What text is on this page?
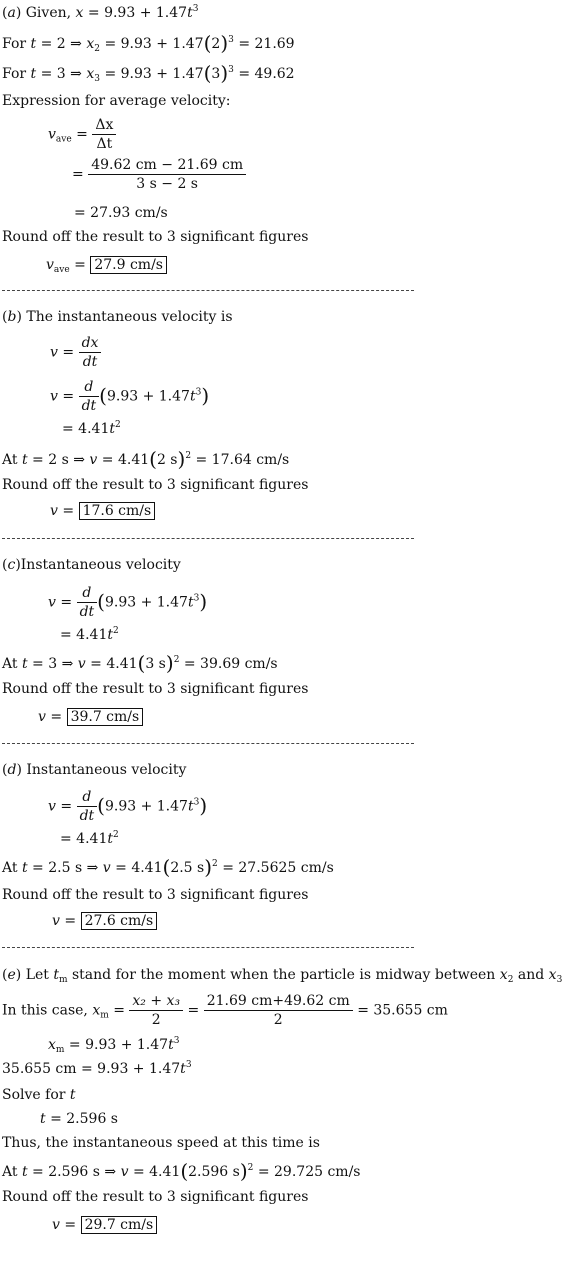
(a) Given, $x = 9.93 + 1.47t^3$
For t = 2 ⇒ $x_2 = 9.93 + 1.47(2)^3 = 21.69$
For t = 3 ⇒ $x_3 = 9.93 + 1.47(3)^3 = 49.62$
Expression for average velocity:
$v_{ave} = \frac{\Delta x}{\Delta t}$
= $\frac{49.62 cm - 21.69 cm}{3 s - 2 s}$
= 27.93 cm/s
Round off the result to 3 significant figures
$v_{ave} = 27.9$ cm/s
(b) The instantaneous velocity is
$v = \frac{dx}{dt}$
$v = \frac{d}{dt} (9.93 + 1.47t^3)$
= $4.41t^2$
At t = 2 s ⇒ v = 4.41(2 s)$^2$ = 17.64 cm/s
Round off the result to 3 significant figures
v = 17.6 cm/s
(c)Instantaneous velocity
$v = \frac{d}{dt} (9.93 + 1.47t^3)$
= $4.41t^2$
At t = 3 ⇒ v = 4.41(3 s)$^2$ = 39.69 cm/s
Round off the result to 3 significant figures
v = 39.7 cm/s
(d) Instantaneous velocity
$v = \frac{d}{dt} (9.93 + 1.47t^3)$
= $4.41t^2$
At t = 2.5 s ⇒ v = 4.41(2.5 s)$^2$ = 27.5625 cm/s
Round off the result to 3 significant figures
v = 27.6 cm/s
(e) Let $t_m$ stand for the moment when the particle is midway between $x_2$ and $x_3$
In this case, $x_m = \frac{\text{x₂ + x₃}}{2} = \frac{21.69 cm+49.62 cm}{2} = 35.655$ cm
$x_m = 9.93 + 1.47t^3$
35.655 cm = $9.93 + 1.47t^3$
Solve for t
t = 2.596 s
Thus, the instantaneous speed at this time is
At t = 2.596 s ⇒ v = 4.41(2.596 s)$^2$ = 29.725 cm/s
Round off the result to 3 significant figures
v = 29.7 cm/s
